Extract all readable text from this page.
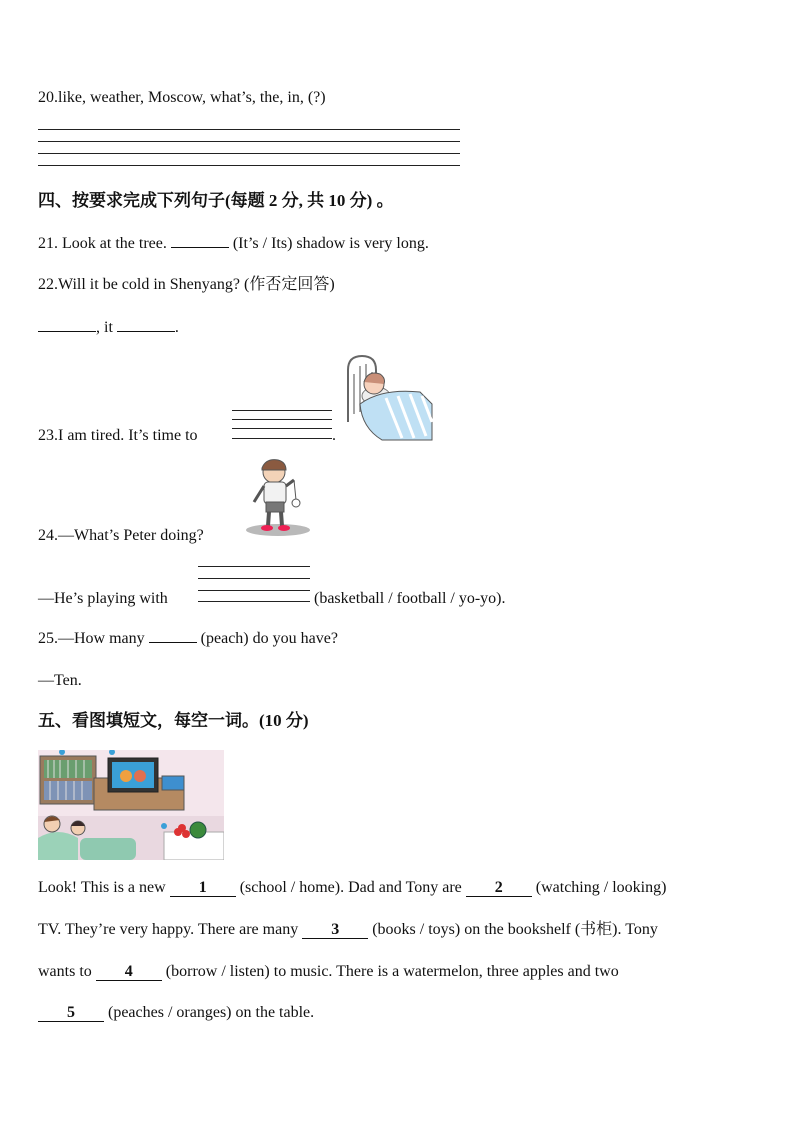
20.like, weather, Moscow, what’s, the, in, (?)
四、按要求完成下列句子(每题 2 分, 共 10 分) 。
21. Look at the tree.	(It’s / Its) shadow is very long.
22.Will it be cold in Shenyang? (作否定回答)
, it	.
23.I am tired. It’s time to	.
24.—What’s Peter doing?
—He’s playing with	(basketball / football / yo-yo).
25.—How many	(peach) do you have?
—Ten.
五、看图填短文，每空一词。(10 分)
Look! This is a new 1 (school / home). Dad and Tony are 2 (watching / looking)
TV. They’re very happy. There are many 3 (books / toys) on the bookshelf (书柜). Tony
wants to 4 (borrow / listen) to music. There is a watermelon, three apples and two
5 (peaches / oranges) on the table.
